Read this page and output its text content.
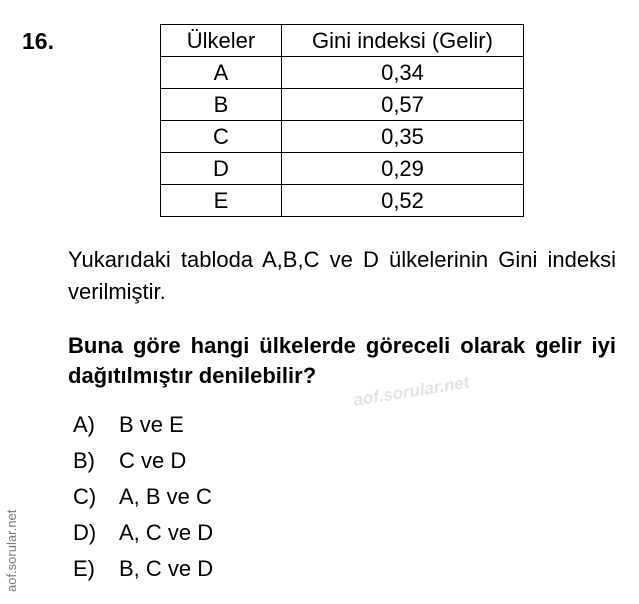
16.	Ülkeler	Gini indeksi (Gelir)
A	0,34
B	0,57
C	0,35
D	0,29
E	0,52
Yukarıdaki tabloda A,B,C ve D ülkelerinin Gini indeksi verilmiştir.
Buna göre hangi ülkelerde göreceli olarak gelir iyi dağıtılmıştır denilebilir?
A) B ve E
B) C ve D
C) A, B ve C
D) A, C ve D
E) B, C ve D
aof.sorular.net
aof.sorular.net
